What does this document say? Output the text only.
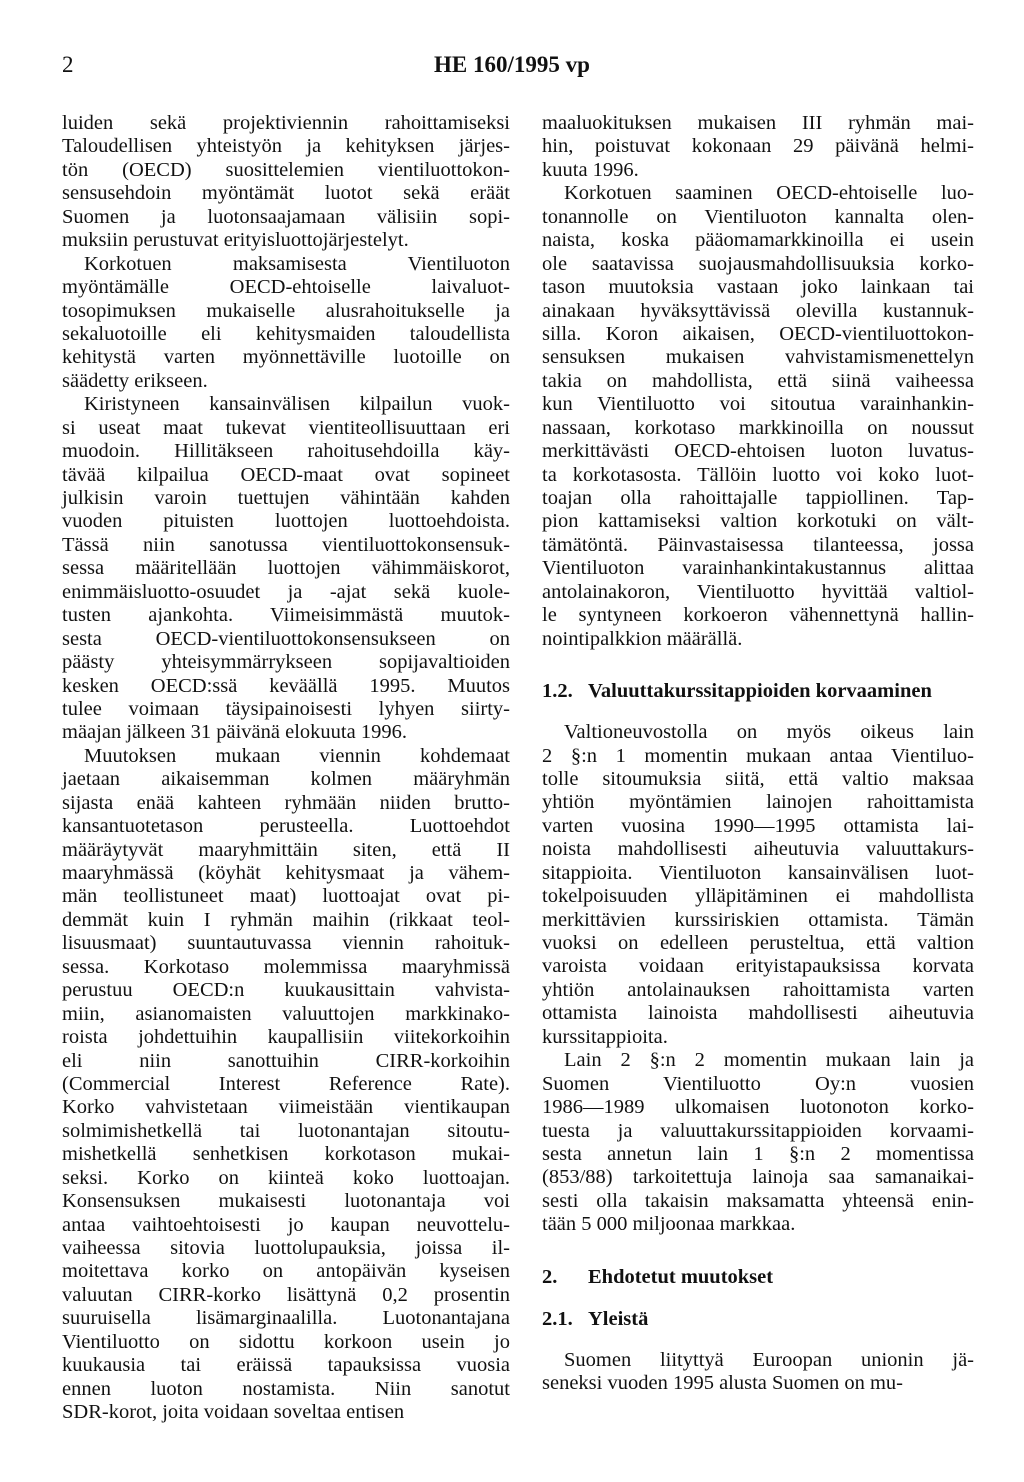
2	HE 160/1995 vp
luiden sekä projektiviennin rahoittamiseksi
Taloudellisen yhteistyön ja kehityksen järjes-
tön (OECD) suosittelemien vientiluottokon-
sensusehdoin myöntämät luotot sekä eräät
Suomen ja luotonsaajamaan välisiin sopi-
muksiin perustuvat erityisluottojärjestelyt.
Korkotuen maksamisesta Vientiluoton
myöntämälle OECD-ehtoiselle laivaluot-
tosopimuksen mukaiselle alusrahoitukselle ja
sekaluotoille eli kehitysmaiden taloudellista
kehitystä varten myönnettäville luotoille on
säädetty erikseen.
Kiristyneen kansainvälisen kilpailun vuok-
si useat maat tukevat vientiteollisuuttaan eri
muodoin. Hillitäkseen rahoitusehdoilla käy-
tävää kilpailua OECD-maat ovat sopineet
julkisin varoin tuettujen vähintään kahden
vuoden pituisten luottojen luottoehdoista.
Tässä niin sanotussa vientiluottokonsensuk-
sessa määritellään luottojen vähimmäiskorot,
enimmäisluotto-osuudet ja -ajat sekä kuole-
tusten ajankohta. Viimeisimmästä muutok-
sesta OECD-vientiluottokonsensukseen on
päästy yhteisymmärrykseen sopijavaltioiden
kesken OECD:ssä keväällä 1995. Muutos
tulee voimaan täysipainoisesti lyhyen siirty-
mäajan jälkeen 31 päivänä elokuuta 1996.
Muutoksen mukaan viennin kohdemaat
jaetaan aikaisemman kolmen määryhmän
sijasta enää kahteen ryhmään niiden brutto-
kansantuotetason perusteella. Luottoehdot
määräytyvät maaryhmittäin siten, että II
maaryhmässä (köyhät kehitysmaat ja vähem-
män teollistuneet maat) luottoajat ovat pi-
demmät kuin I ryhmän maihin (rikkaat teol-
lisuusmaat) suuntautuvassa viennin rahoituk-
sessa. Korkotaso molemmissa maaryhmissä
perustuu OECD:n kuukausittain vahvista-
miin, asianomaisten valuuttojen markkinako-
roista johdettuihin kaupallisiin viitekorkoihin
eli niin sanottuihin CIRR-korkoihin
(Commercial Interest Reference Rate).
Korko vahvistetaan viimeistään vientikaupan
solmimishetkellä tai luotonantajan sitoutu-
mishetkellä senhetkisen korkotason mukai-
seksi. Korko on kiinteä koko luottoajan.
Konsensuksen mukaisesti luotonantaja voi
antaa vaihtoehtoisesti jo kaupan neuvottelu-
vaiheessa sitovia luottolupauksia, joissa il-
moitettava korko on antopäivän kyseisen
valuutan CIRR-korko lisättynä 0,2 prosentin
suuruisella lisämarginaalilla. Luotonantajana
Vientiluotto on sidottu korkoon usein jo
kuukausia tai eräissä tapauksissa vuosia
ennen luoton nostamista. Niin sanotut
SDR-korot, joita voidaan soveltaa entisen
maaluokituksen mukaisen III ryhmän mai-
hin, poistuvat kokonaan 29 päivänä helmi-
kuuta 1996.
Korkotuen saaminen OECD-ehtoiselle luo-
tonannolle on Vientiluoton kannalta olen-
naista, koska pääomamarkkinoilla ei usein
ole saatavissa suojausmahdollisuuksia korko-
tason muutoksia vastaan joko lainkaan tai
ainakaan hyväksyttävissä olevilla kustannuk-
silla. Koron aikaisen, OECD-vientiluottokon-
sensuksen mukaisen vahvistamismenettelyn
takia on mahdollista, että siinä vaiheessa
kun Vientiluotto voi sitoutua varainhankin-
nassaan, korkotaso markkinoilla on noussut
merkittävästi OECD-ehtoisen luoton luvatus-
ta korkotasosta. Tällöin luotto voi koko luot-
toajan olla rahoittajalle tappiollinen. Tap-
pion kattamiseksi valtion korkotuki on vält-
tämätöntä. Päinvastaisessa tilanteessa, jossa
Vientiluoton varainhankintakustannus alittaa
antolainakoron, Vientiluotto hyvittää valtiol-
le syntyneen korkoeron vähennettynä hallin-
nointipalkkion määrällä.
1.2. Valuuttakurssitappioiden korvaaminen
Valtioneuvostolla on myös oikeus lain
2 §:n 1 momentin mukaan antaa Vientiluo-
tolle sitoumuksia siitä, että valtio maksaa
yhtiön myöntämien lainojen rahoittamista
varten vuosina 1990—1995 ottamista lai-
noista mahdollisesti aiheutuvia valuuttakurs-
sitappioita. Vientiluoton kansainvälisen luot-
tokelpoisuuden ylläpitäminen ei mahdollista
merkittävien kurssiriskien ottamista. Tämän
vuoksi on edelleen perusteltua, että valtion
varoista voidaan erityistapauksissa korvata
yhtiön antolainauksen rahoittamista varten
ottamista lainoista mahdollisesti aiheutuvia
kurssitappioita.
Lain 2 §:n 2 momentin mukaan lain ja
Suomen Vientiluotto Oy:n vuosien
1986—1989 ulkomaisen luotonoton korko-
tuesta ja valuuttakurssitappioiden korvaami-
sesta annetun lain 1 §:n 2 momentissa
(853/88) tarkoitettuja lainoja saa samanaikai-
sesti olla takaisin maksamatta yhteensä enin-
tään 5 000 miljoonaa markkaa.
2. Ehdotetut muutokset
2.1. Yleistä
Suomen liityttyä Euroopan unionin jä-
seneksi vuoden 1995 alusta Suomen on mu-
